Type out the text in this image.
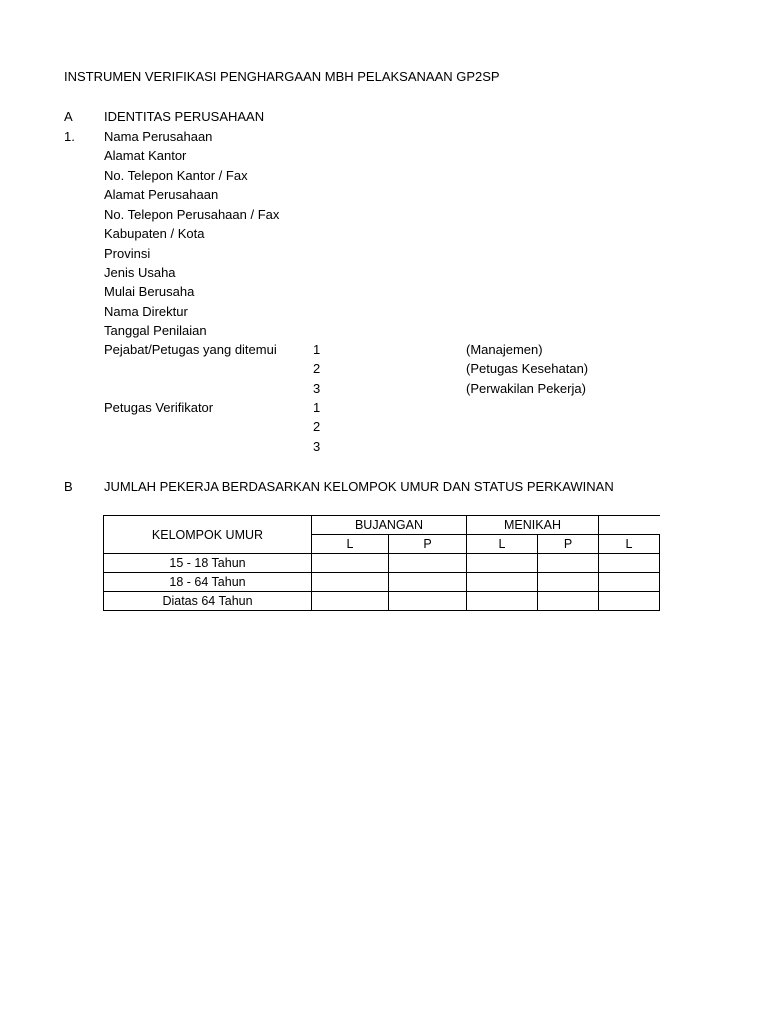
INSTRUMEN VERIFIKASI PENGHARGAAN MBH PELAKSANAAN GP2SP
A IDENTITAS PERUSAHAAN
1. Nama Perusahaan
Alamat Kantor
No. Telepon Kantor / Fax
Alamat Perusahaan
No. Telepon Perusahaan / Fax
Kabupaten / Kota
Provinsi
Jenis Usaha
Mulai Berusaha
Nama Direktur
Tanggal Penilaian
Pejabat/Petugas yang ditemui	1	(Manajemen)
2	(Petugas Kesehatan)
3	(Perwakilan Pekerja)
Petugas Verifikator	1
2
3
B JUMLAH PEKERJA BERDASARKAN KELOMPOK UMUR DAN STATUS PERKAWINAN
KELOMPOK UMUR	BUJANGAN		MENIKAH		
	L	P	L	P	L
15 - 18 Tahun					
18 - 64 Tahun					
Diatas 64 Tahun					
